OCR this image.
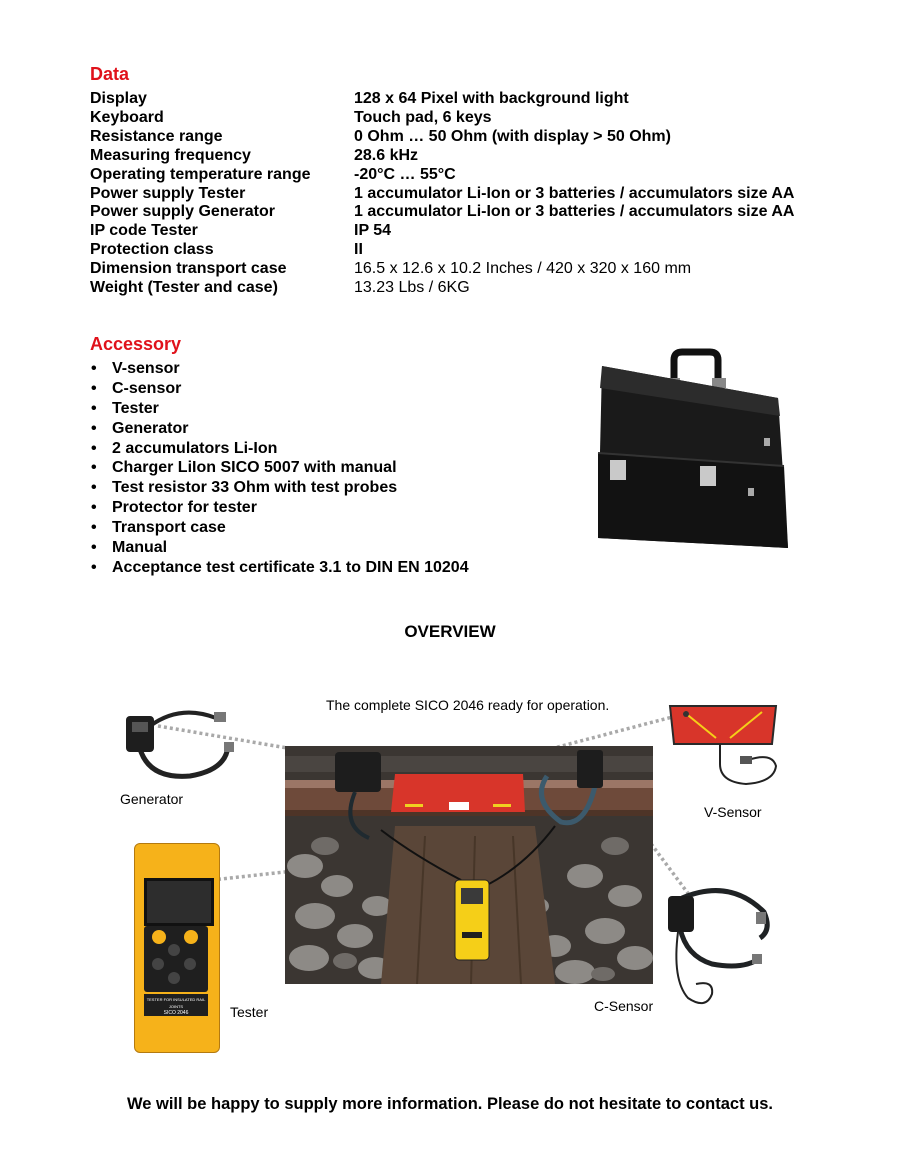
Data
Display	128 x 64 Pixel with background light
Keyboard	Touch pad, 6 keys
Resistance range	0 Ohm … 50 Ohm (with display > 50 Ohm)
Measuring frequency	28.6 kHz
Operating temperature range	-20°C … 55°C
Power supply Tester	1 accumulator Li-Ion or 3 batteries / accumulators size AA
Power supply Generator	1 accumulator Li-Ion or 3 batteries / accumulators size AA
IP code Tester	IP 54
Protection class	II
Dimension transport case	16.5 x 12.6 x 10.2 Inches / 420 x 320 x 160 mm
Weight (Tester and case)	13.23 Lbs / 6KG
Accessory
• V-sensor
• C-sensor
• Tester
• Generator
• 2 accumulators Li-Ion
• Charger LiIon SICO 5007 with manual
• Test resistor 33 Ohm with test probes
• Protector for tester
• Transport case
• Manual
• Acceptance test certificate 3.1 to DIN EN 10204
OVERVIEW
The complete SICO 2046 ready for operation.
Generator
V-Sensor
TESTER FOR INSULATED RAIL JOINTS
SICO 2046	Tester	C-Sensor
We will be happy to supply more information. Please do not hesitate to contact us.
